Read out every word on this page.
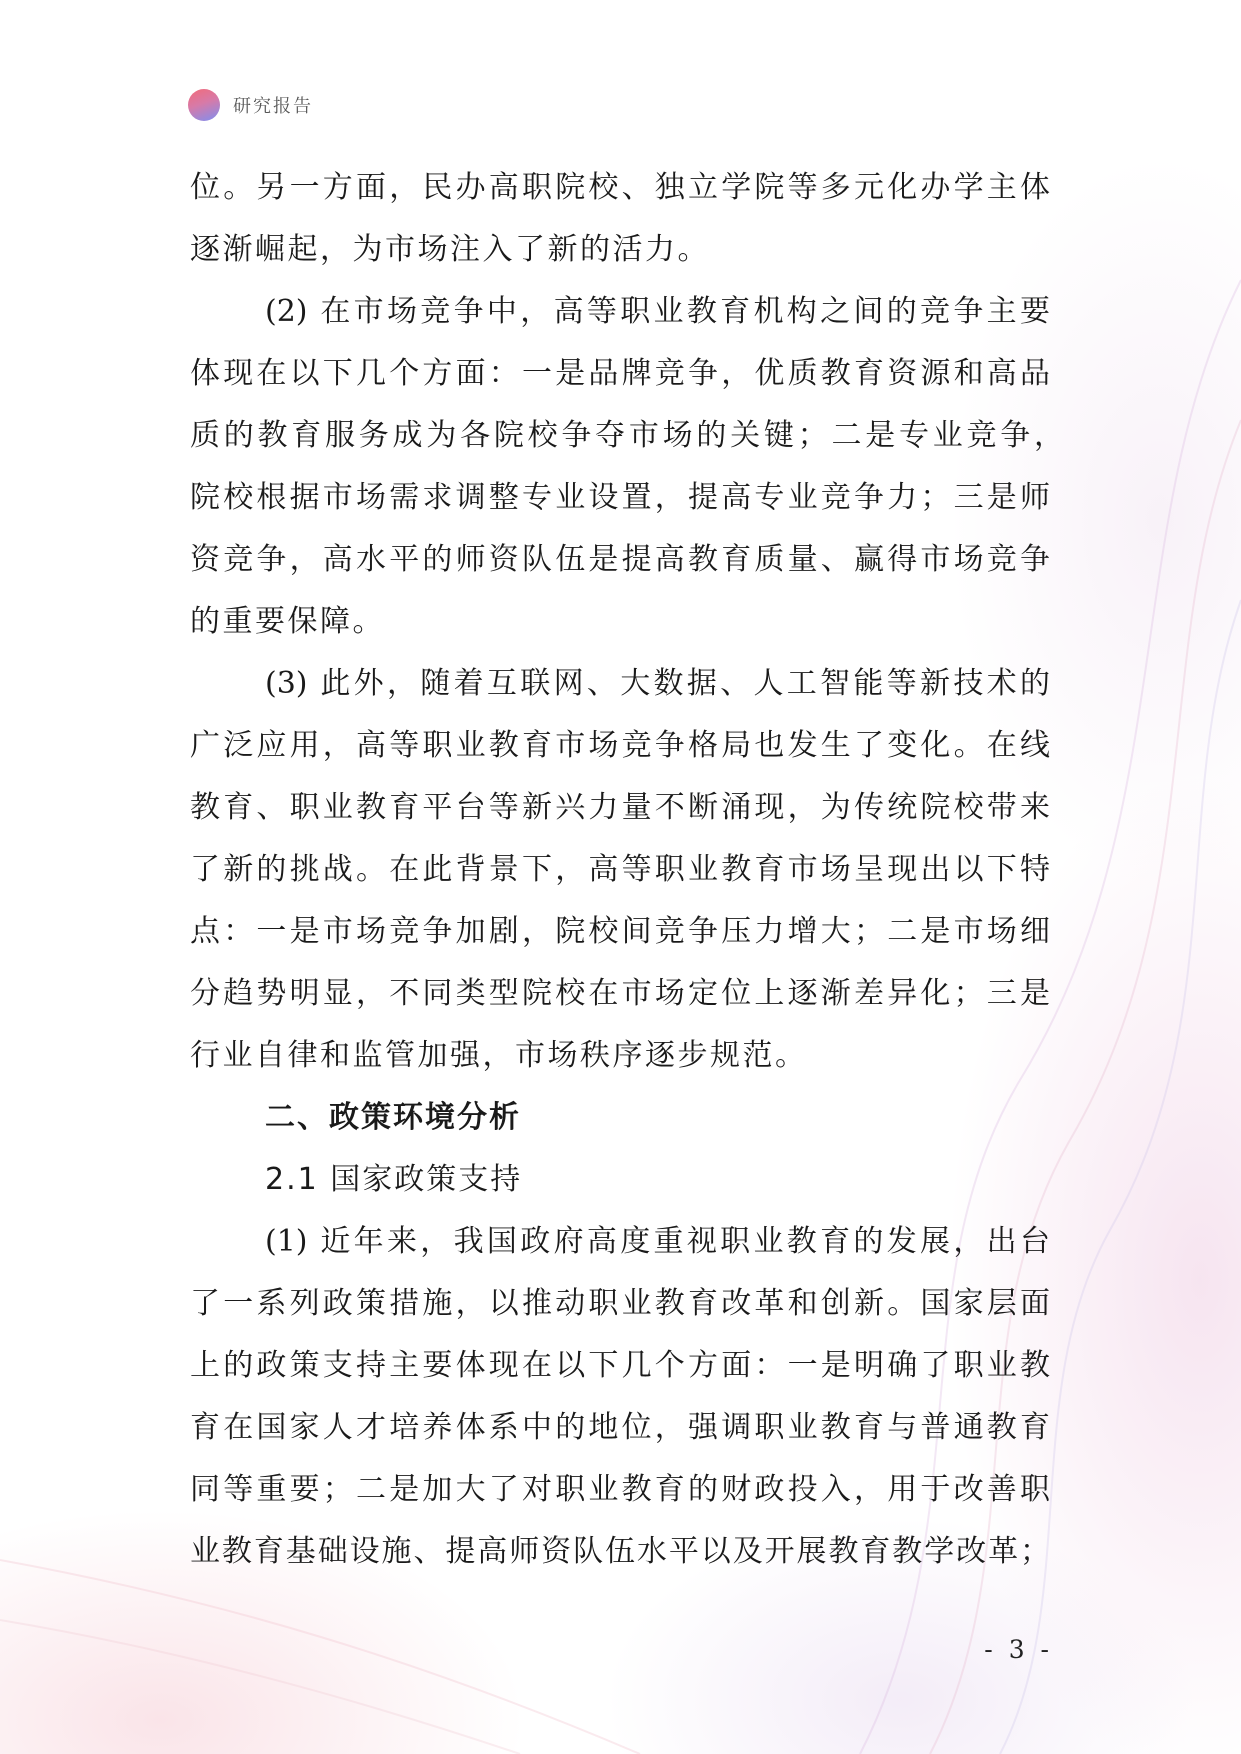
研究报告
位。另一方面，民办高职院校、独立学院等多元化办学主体
逐渐崛起，为市场注入了新的活力。
(2) 在市场竞争中，高等职业教育机构之间的竞争主要
体现在以下几个方面：一是品牌竞争，优质教育资源和高品
质的教育服务成为各院校争夺市场的关键；二是专业竞争，
院校根据市场需求调整专业设置，提高专业竞争力；三是师
资竞争，高水平的师资队伍是提高教育质量、赢得市场竞争
的重要保障。
(3) 此外，随着互联网、大数据、人工智能等新技术的
广泛应用，高等职业教育市场竞争格局也发生了变化。在线
教育、职业教育平台等新兴力量不断涌现，为传统院校带来
了新的挑战。在此背景下，高等职业教育市场呈现出以下特
点：一是市场竞争加剧，院校间竞争压力增大；二是市场细
分趋势明显，不同类型院校在市场定位上逐渐差异化；三是
行业自律和监管加强，市场秩序逐步规范。
二、政策环境分析
2.1 国家政策支持
(1) 近年来，我国政府高度重视职业教育的发展，出台
了一系列政策措施，以推动职业教育改革和创新。国家层面
上的政策支持主要体现在以下几个方面：一是明确了职业教
育在国家人才培养体系中的地位，强调职业教育与普通教育
同等重要；二是加大了对职业教育的财政投入，用于改善职
业教育基础设施、提高师资队伍水平以及开展教育教学改革；
- 3 -
